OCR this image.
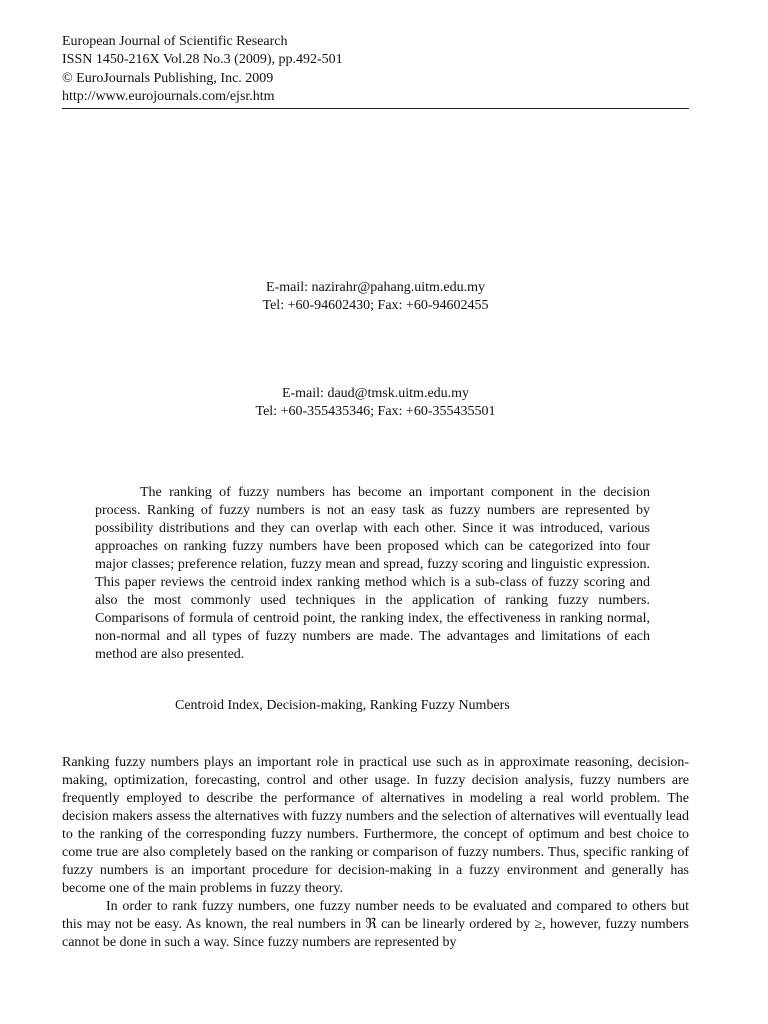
European Journal of Scientific Research
ISSN 1450-216X Vol.28 No.3 (2009), pp.492-501
© EuroJournals Publishing, Inc. 2009
http://www.eurojournals.com/ejsr.htm
E-mail: nazirahr@pahang.uitm.edu.my
Tel: +60-94602430; Fax: +60-94602455
E-mail: daud@tmsk.uitm.edu.my
Tel: +60-355435346; Fax: +60-355435501

The ranking of fuzzy numbers has become an important component in the decision process. Ranking of fuzzy numbers is not an easy task as fuzzy numbers are represented by possibility distributions and they can overlap with each other. Since it was introduced, various approaches on ranking fuzzy numbers have been proposed which can be categorized into four major classes; preference relation, fuzzy mean and spread, fuzzy scoring and linguistic expression. This paper reviews the centroid index ranking method which is a sub-class of fuzzy scoring and also the most commonly used techniques in the application of ranking fuzzy numbers. Comparisons of formula of centroid point, the ranking index, the effectiveness in ranking normal, non-normal and all types of fuzzy numbers are made. The advantages and limitations of each method are also presented.

Centroid Index, Decision-making, Ranking Fuzzy Numbers

Ranking fuzzy numbers plays an important role in practical use such as in approximate reasoning, decision-making, optimization, forecasting, control and other usage. In fuzzy decision analysis, fuzzy numbers are frequently employed to describe the performance of alternatives in modeling a real world problem. The decision makers assess the alternatives with fuzzy numbers and the selection of alternatives will eventually lead to the ranking of the corresponding fuzzy numbers. Furthermore, the concept of optimum and best choice to come true are also completely based on the ranking or comparison of fuzzy numbers. Thus, specific ranking of fuzzy numbers is an important procedure for decision-making in a fuzzy environment and generally has become one of the main problems in fuzzy theory.

In order to rank fuzzy numbers, one fuzzy number needs to be evaluated and compared to others but this may not be easy. As known, the real numbers in ℜ can be linearly ordered by ≥, however, fuzzy numbers cannot be done in such a way. Since fuzzy numbers are represented by
